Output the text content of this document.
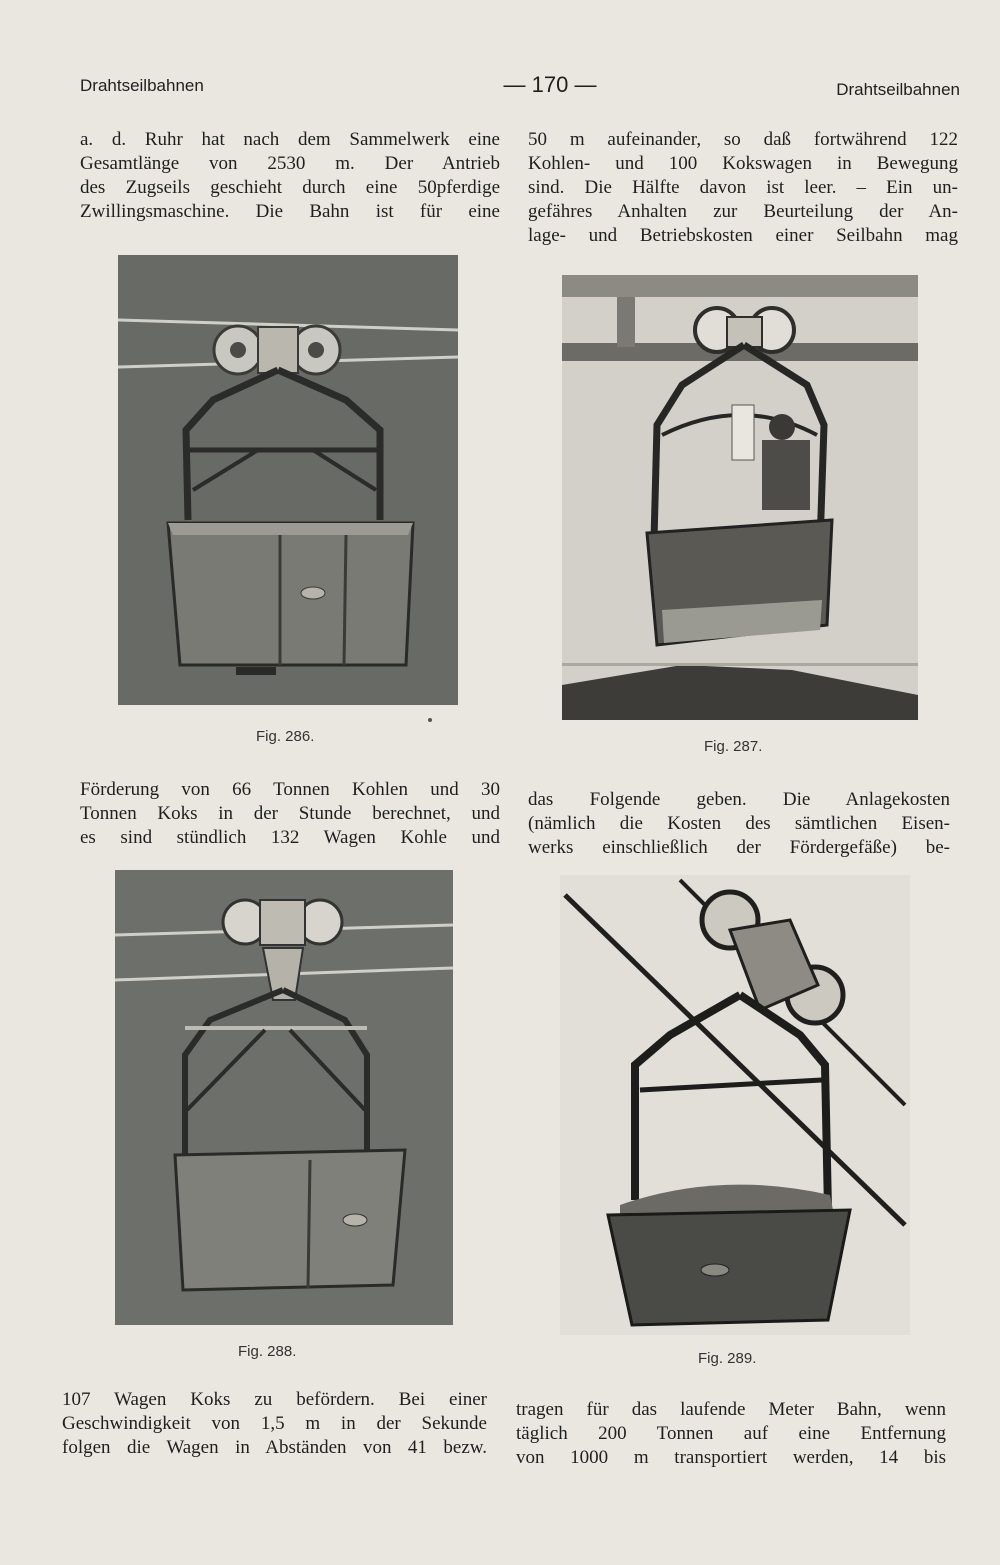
Drahtseilbahnen	— 170 —	Drahtseilbahnen
a. d. Ruhr hat nach dem Sammelwerk eine
Gesamtlänge von 2530 m. Der Antrieb
des Zugseils geschieht durch eine 50pferdige
Zwillingsmaschine. Die Bahn ist für eine
50 m aufeinander, so daß fortwährend 122
Kohlen- und 100 Kokswagen in Bewegung
sind. Die Hälfte davon ist leer. – Ein un-
gefähres Anhalten zur Beurteilung der An-
lage- und Betriebskosten einer Seilbahn mag
Fig. 286.
Fig. 287.
Förderung von 66 Tonnen Kohlen und 30
Tonnen Koks in der Stunde berechnet, und
es sind stündlich 132 Wagen Kohle und
das Folgende geben. Die Anlagekosten
(nämlich die Kosten des sämtlichen Eisen-
werks einschließlich der Fördergefäße) be-
Fig. 288.	Fig. 289.
107 Wagen Koks zu befördern. Bei einer
Geschwindigkeit von 1,5 m in der Sekunde
folgen die Wagen in Abständen von 41 bezw.
tragen für das laufende Meter Bahn, wenn
täglich 200 Tonnen auf eine Entfernung
von 1000 m transportiert werden, 14 bis
